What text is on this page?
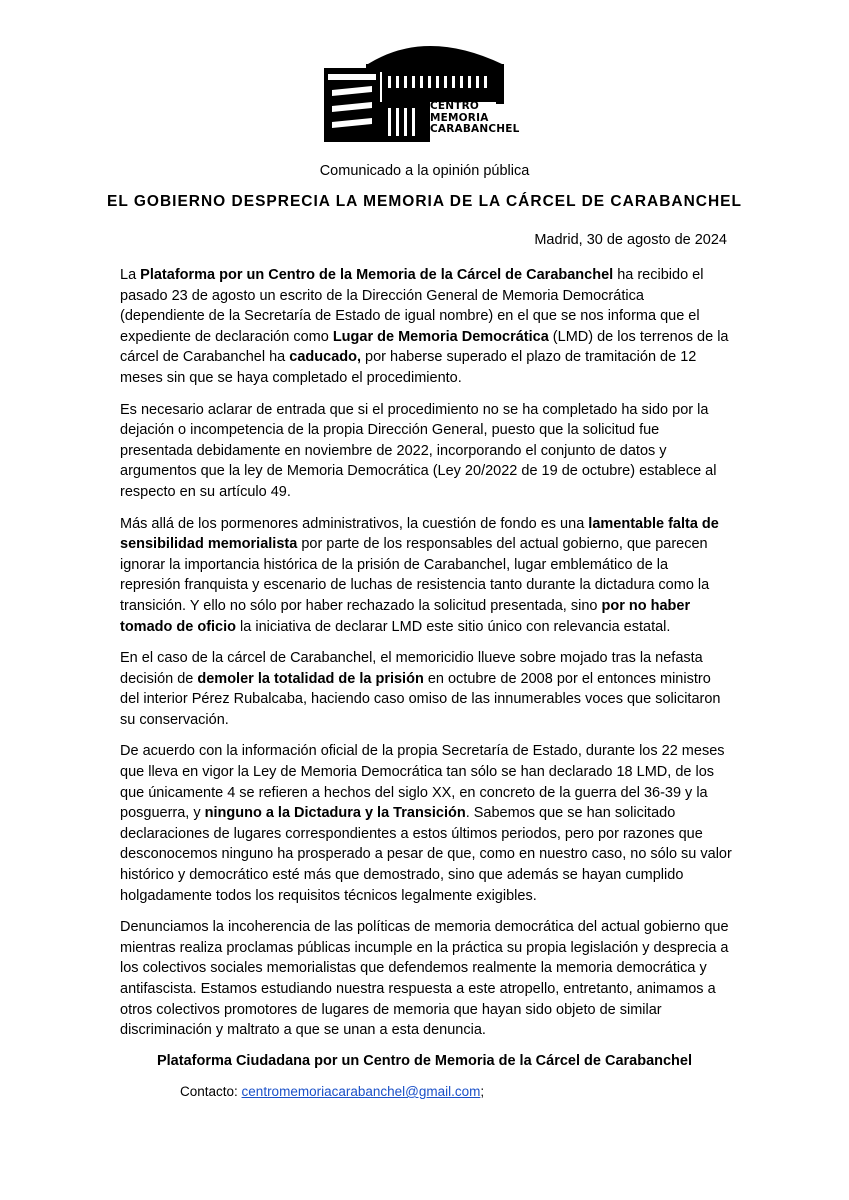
CENTRO
MEMORIA
CARABANCHEL
Comunicado a la opinión pública
EL GOBIERNO DESPRECIA LA MEMORIA DE LA CÁRCEL DE CARABANCHEL
Madrid, 30 de agosto de 2024

La Plataforma por un Centro de la Memoria de la Cárcel de Carabanchel ha recibido el pasado 23 de agosto un escrito de la Dirección General de Memoria Democrática (dependiente de la Secretaría de Estado de igual nombre) en el que se nos informa que el expediente de declaración como Lugar de Memoria Democrática (LMD) de los terrenos de la cárcel de Carabanchel ha caducado, por haberse superado el plazo de tramitación de 12 meses sin que se haya completado el procedimiento.

Es necesario aclarar de entrada que si el procedimiento no se ha completado ha sido por la dejación o incompetencia de la propia Dirección General, puesto que la solicitud fue presentada debidamente en noviembre de 2022, incorporando el conjunto de datos y argumentos que la ley de Memoria Democrática (Ley 20/2022 de 19 de octubre) establece al respecto en su artículo 49.

Más allá de los pormenores administrativos, la cuestión de fondo es una lamentable falta de sensibilidad memorialista por parte de los responsables del actual gobierno, que parecen ignorar la importancia histórica de la prisión de Carabanchel, lugar emblemático de la represión franquista y escenario de luchas de resistencia tanto durante la dictadura como la transición. Y ello no sólo por haber rechazado la solicitud presentada, sino por no haber tomado de oficio la iniciativa de declarar LMD este sitio único con relevancia estatal.

En el caso de la cárcel de Carabanchel, el memoricidio llueve sobre mojado tras la nefasta decisión de demoler la totalidad de la prisión en octubre de 2008 por el entonces ministro del interior Pérez Rubalcaba, haciendo caso omiso de las innumerables voces que solicitaron su conservación.

De acuerdo con la información oficial de la propia Secretaría de Estado, durante los 22 meses que lleva en vigor la Ley de Memoria Democrática tan sólo se han declarado 18 LMD, de los que únicamente 4 se refieren a hechos del siglo XX, en concreto de la guerra del 36-39 y la posguerra, y ninguno a la Dictadura y la Transición. Sabemos que se han solicitado declaraciones de lugares correspondientes a estos últimos periodos, pero por razones que desconocemos ninguno ha prosperado a pesar de que, como en nuestro caso, no sólo su valor histórico y democrático esté más que demostrado, sino que además se hayan cumplido holgadamente todos los requisitos técnicos legalmente exigibles.

Denunciamos la incoherencia de las políticas de memoria democrática del actual gobierno que mientras realiza proclamas públicas incumple en la práctica su propia legislación y desprecia a los colectivos sociales memorialistas que defendemos realmente la memoria democrática y antifascista. Estamos estudiando nuestra respuesta a este atropello, entretanto, animamos a otros colectivos promotores de lugares de memoria que hayan sido objeto de similar discriminación y maltrato a que se unan a esta denuncia.

Plataforma Ciudadana por un Centro de Memoria de la Cárcel de Carabanchel
Contacto: centromemoriacarabanchel@gmail.com;
